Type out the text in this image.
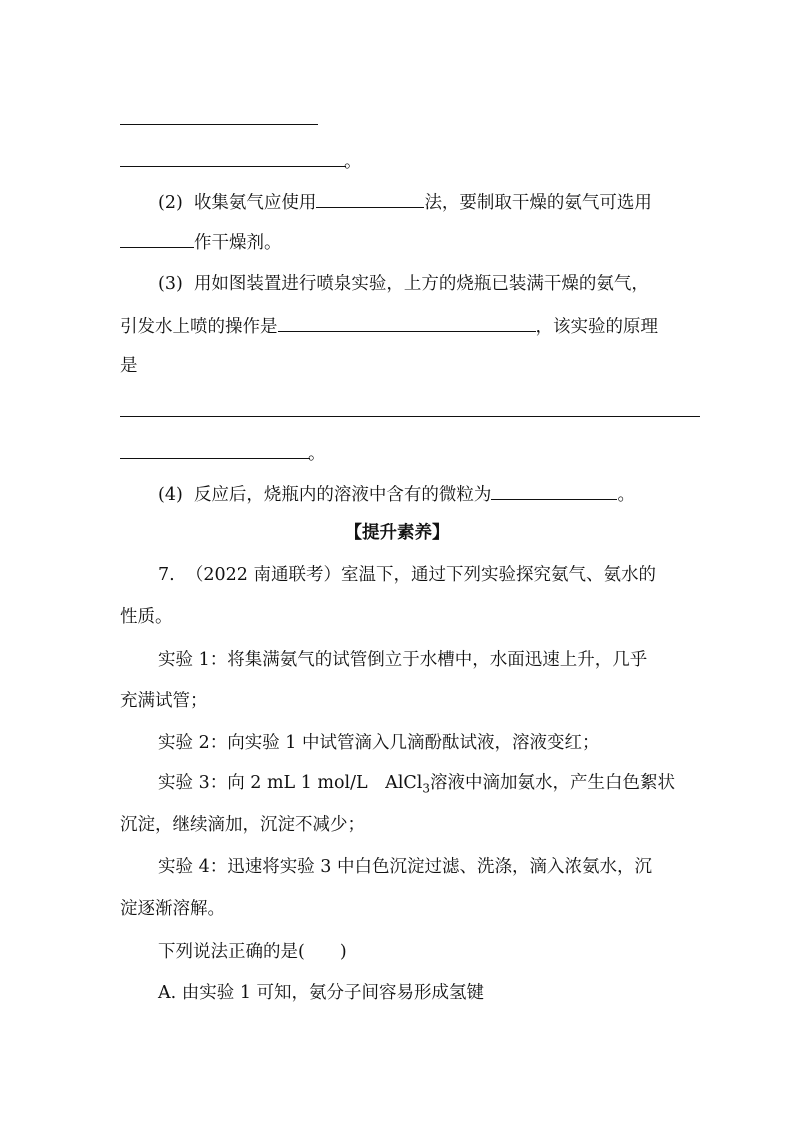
。
(2) 收集氨气应使用	法，要制取干燥的氨气可选用
作干燥剂。
(3) 用如图装置进行喷泉实验，上方的烧瓶已装满干燥的氨气，
引发水上喷的操作是	，该实验的原理
是
。
(4) 反应后，烧瓶内的溶液中含有的微粒为	。
【提升素养】
7. （2022 南通联考）室温下，通过下列实验探究氨气、氨水的
性质。
实验 1：将集满氨气的试管倒立于水槽中，水面迅速上升，几乎
充满试管；
实验 2：向实验 1 中试管滴入几滴酚酞试液，溶液变红；
实验 3：向 2 mL 1 mol/L　AlCl$_3$溶液中滴加氨水，产生白色絮状
沉淀，继续滴加，沉淀不减少；
实验 4：迅速将实验 3 中白色沉淀过滤、洗涤，滴入浓氨水，沉
淀逐渐溶解。
下列说法正确的是(　　)
A. 由实验 1 可知，氨分子间容易形成氢键
